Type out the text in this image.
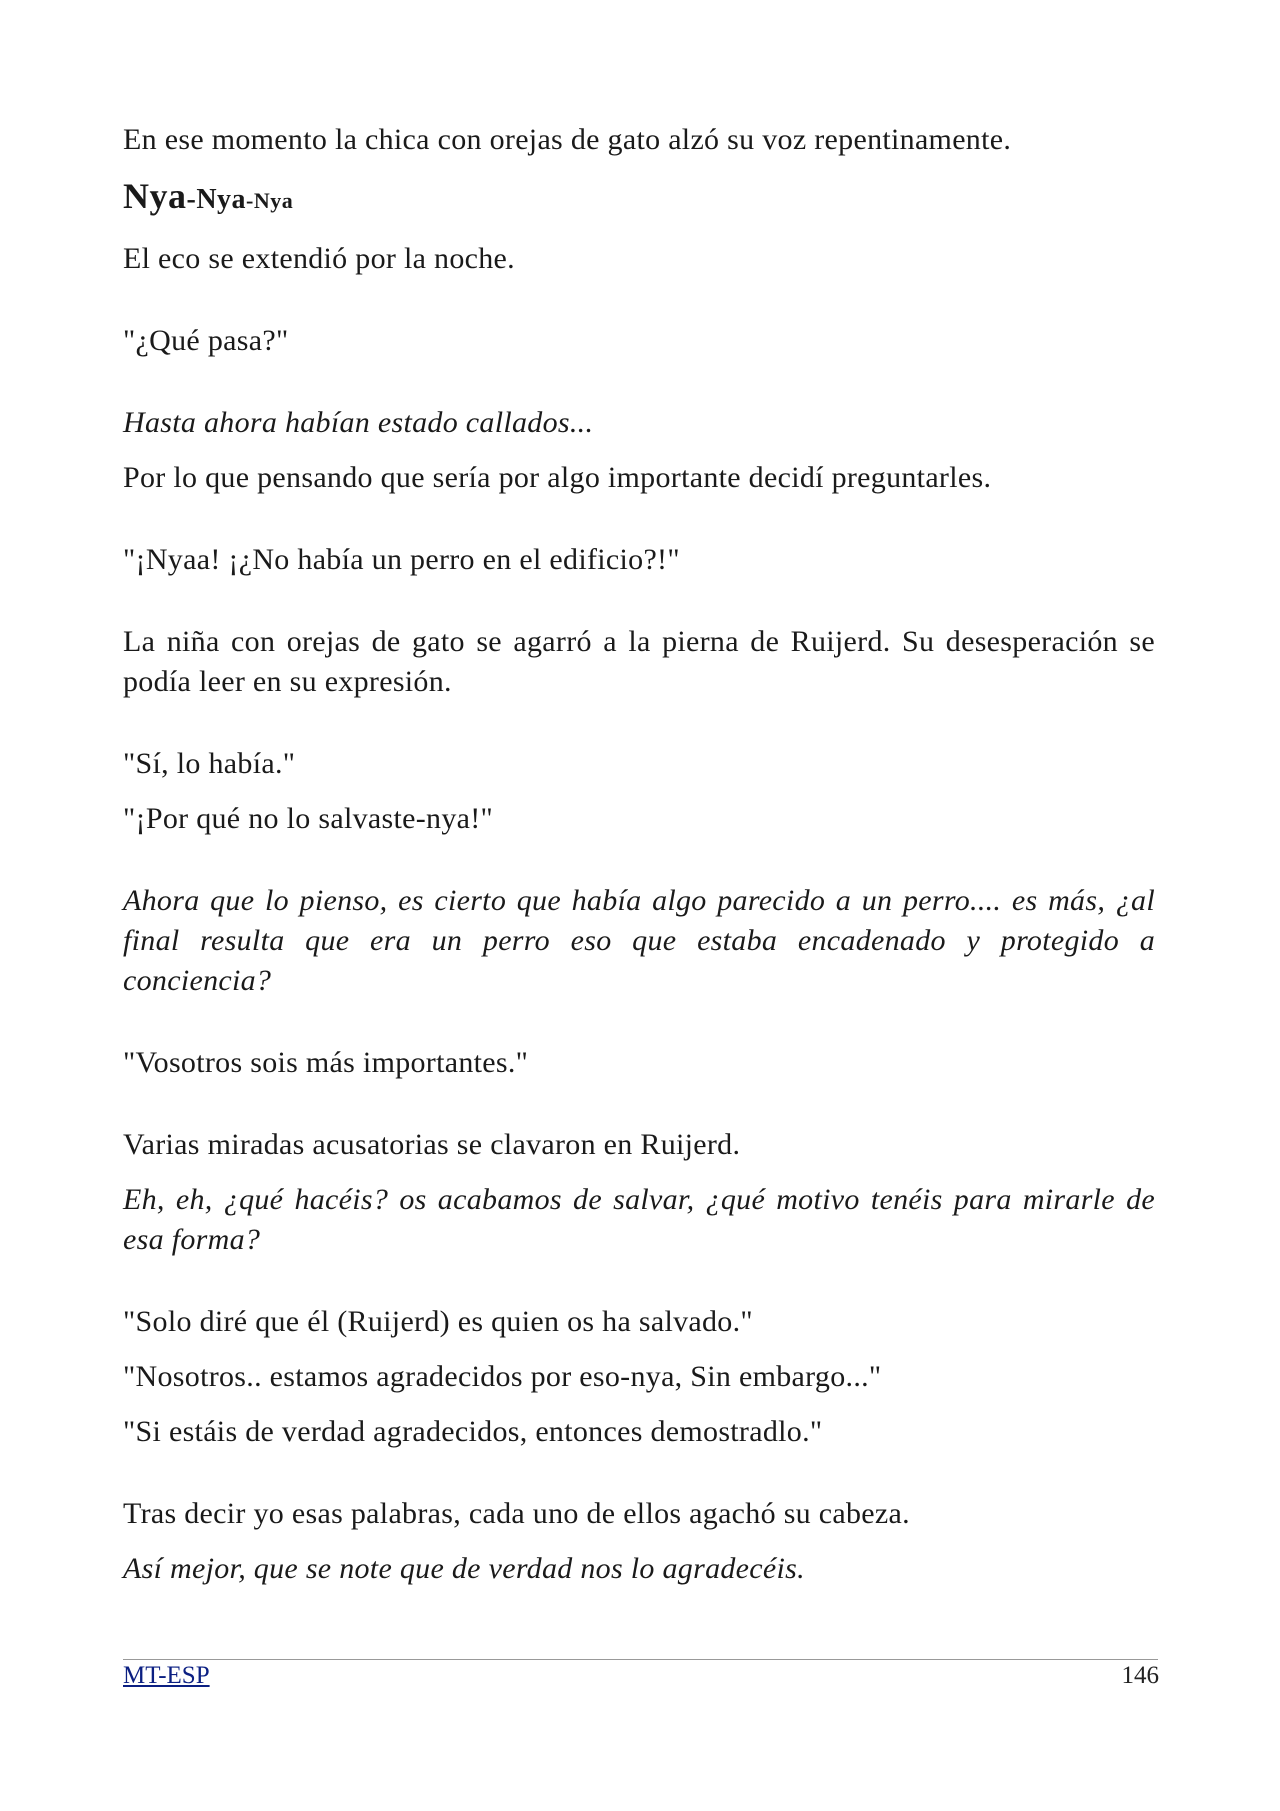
En ese momento la chica con orejas de gato alzó su voz repentinamente.

Nya-Nya-Nya

El eco se extendió por la noche.

"¿Qué pasa?"

Hasta ahora habían estado callados...

Por lo que pensando que sería por algo importante decidí preguntarles.

"¡Nyaa! ¡¿No había un perro en el edificio?!"

La niña con orejas de gato se agarró a la pierna de Ruijerd. Su desesperación se podía leer en su expresión.

"Sí, lo había."

"¡Por qué no lo salvaste-nya!"

Ahora que lo pienso, es cierto que había algo parecido a un perro.... es más, ¿al final resulta que era un perro eso que estaba encadenado y protegido a conciencia?

"Vosotros sois más importantes."

Varias miradas acusatorias se clavaron en Ruijerd.

Eh, eh, ¿qué hacéis? os acabamos de salvar, ¿qué motivo tenéis para mirarle de esa forma?

"Solo diré que él (Ruijerd) es quien os ha salvado."

"Nosotros.. estamos agradecidos por eso-nya, Sin embargo..."

"Si estáis de verdad agradecidos, entonces demostradlo."

Tras decir yo esas palabras, cada uno de ellos agachó su cabeza.

Así mejor, que se note que de verdad nos lo agradecéis.

MT-ESP	146
